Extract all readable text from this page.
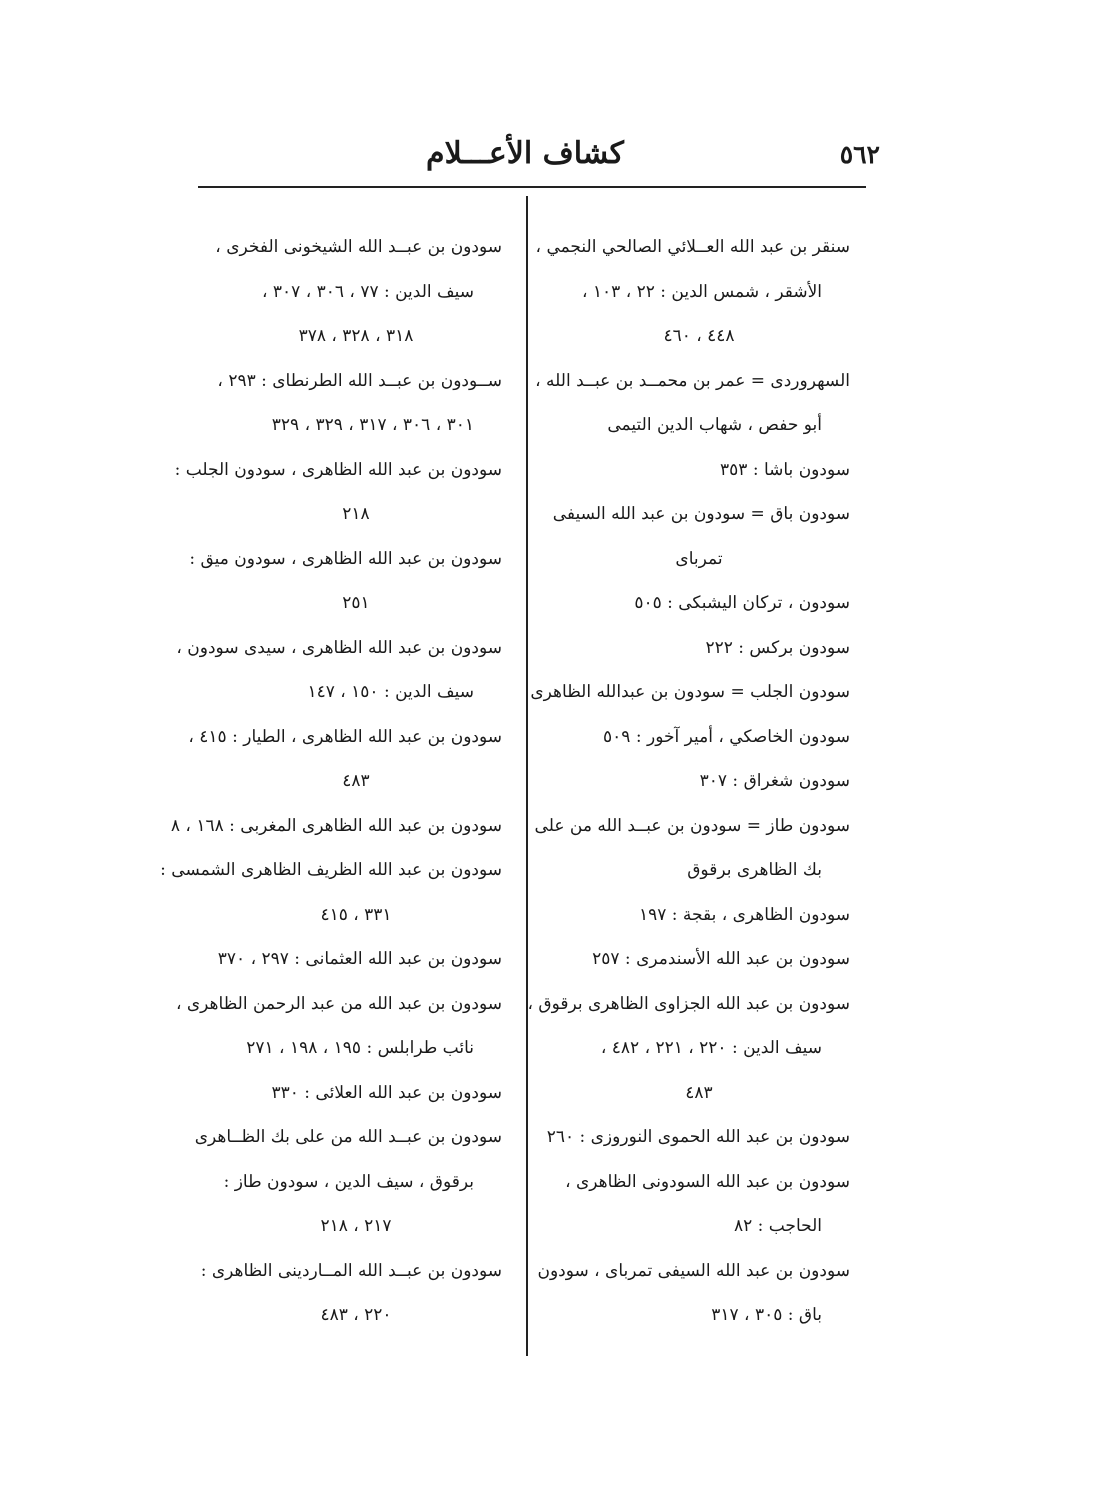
٥٦٢
كشاف الأعـــلام
سنقر بن عبد الله العــلائي الصالحي النجمي ،
الأشقر ، شمس الدين : ٢٢ ، ١٠٣ ،
٤٤٨ ، ٤٦٠
السهروردى = عمر بن محمــد بن عبــد الله ،
أبو حفص ، شهاب الدين التيمى
سودون باشا : ٣٥٣
سودون باق = سودون بن عبد الله السيفى
تمرباى
سودون ، تركان اليشبكى : ٥٠٥
سودون برکس : ٢٢٢
سودون الجلب = سودون بن عبدالله الظاهرى
سودون الخاصكي ، أمير آخور : ٥٠٩
سودون شغراق : ٣٠٧
سودون طاز = سودون بن عبــد الله من على
بك الظاهرى برقوق
سودون الظاهرى ، بقجة : ١٩٧
سودون بن عبد الله الأسندمرى : ٢٥٧
سودون بن عبد الله الجزاوى الظاهرى برقوق ،
سيف الدين : ٢٢٠ ، ٢٢١ ، ٤٨٢ ،
٤٨٣
سودون بن عبد الله الحموى النوروزى : ٢٦٠
سودون بن عبد الله السودونى الظاهرى ،
الحاجب : ٨٢
سودون بن عبد الله السيفى تمرباى ، سودون
باق : ٣٠٥ ، ٣١٧
سودون بن عبــد الله الشيخونى الفخرى ،
سيف الدين : ٧٧ ، ٣٠٦ ، ٣٠٧ ،
٣١٨ ، ٣٢٨ ، ٣٧٨
ســودون بن عبــد الله الطرنطاى : ٢٩٣ ،
٣٠١ ، ٣٠٦ ، ٣١٧ ، ٣٢٩ ، ٣٢٩
سودون بن عبد الله الظاهرى ، سودون الجلب :
٢١٨
سودون بن عبد الله الظاهرى ، سودون ميق :
٢٥١
سودون بن عبد الله الظاهرى ، سيدى سودون ،
سيف الدين : ١٥٠ ، ١٤٧
سودون بن عبد الله الظاهرى ، الطيار : ٤١٥ ،
٤٨٣
سودون بن عبد الله الظاهرى المغربى : ١٦٨ ، ٨
سودون بن عبد الله الظريف الظاهرى الشمسى :
٣٣١ ، ٤١٥
سودون بن عبد الله العثمانى : ٢٩٧ ، ٣٧٠
سودون بن عبد الله من عبد الرحمن الظاهرى ،
نائب طرابلس : ١٩٥ ، ١٩٨ ، ٢٧١
سودون بن عبد الله العلائى : ٣٣٠
سودون بن عبــد الله من على بك الظــاهرى
برقوق ، سيف الدين ، سودون طاز :
٢١٧ ، ٢١٨
سودون بن عبــد الله المــاردينى الظاهرى :
٢٢٠ ، ٤٨٣
